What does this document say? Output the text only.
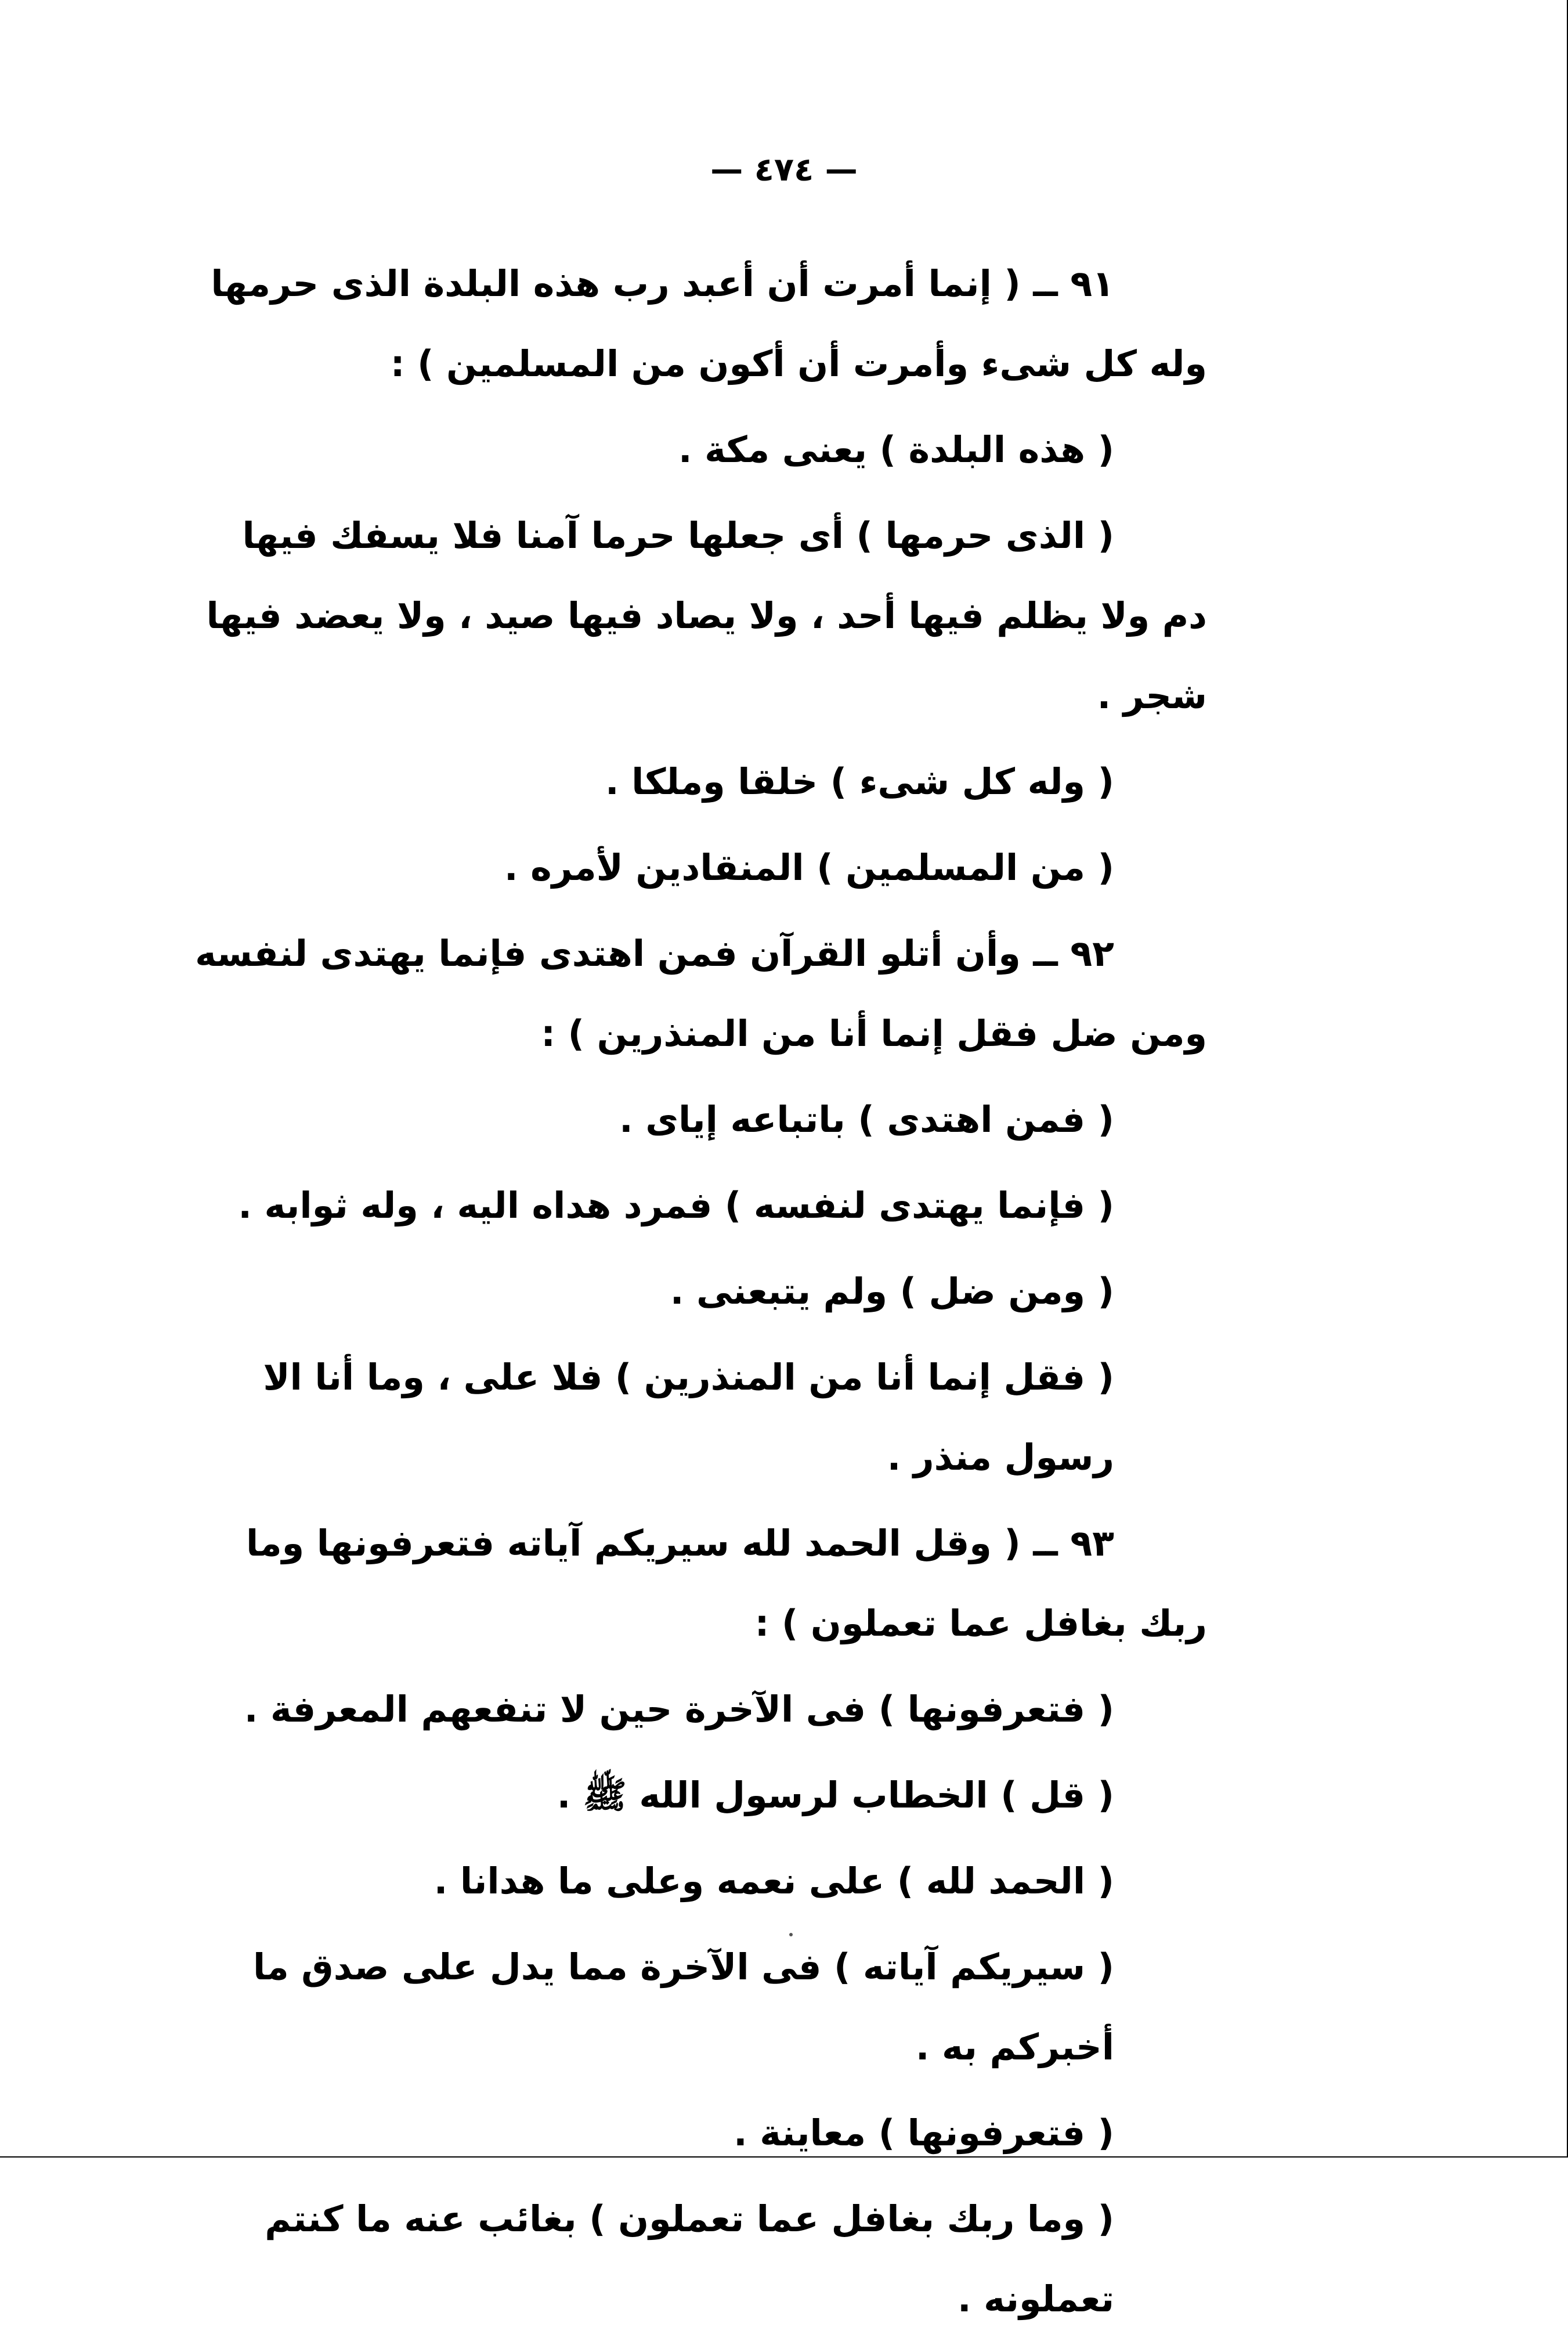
— ٤٧٤ —

٩١ ــ ( إنما أمرت أن أعبد رب هذه البلدة الذى حرمها وله كل شىء وأمرت أن أكون من المسلمين ) :

( هذه البلدة ) يعنى مكة .

( الذى حرمها ) أى جعلها حرما آمنا فلا يسفك فيها دم ولا يظلم فيها أحد ، ولا يصاد فيها صيد ، ولا يعضد فيها شجر .

( وله كل شىء ) خلقا وملكا .

( من المسلمين ) المنقادين لأمره .

٩٢ ــ وأن أتلو القرآن فمن اهتدى فإنما يهتدى لنفسه ومن ضل فقل إنما أنا من المنذرين ) :

( فمن اهتدى ) باتباعه إياى .

( فإنما يهتدى لنفسه ) فمرد هداه اليه ، وله ثوابه .

( ومن ضل ) ولم يتبعنى .

( فقل إنما أنا من المنذرين ) فلا على ، وما أنا الا رسول منذر .

٩٣ ــ ( وقل الحمد لله سيريكم آياته فتعرفونها وما ربك بغافل عما تعملون ) :

( فتعرفونها ) فى الآخرة حين لا تنفعهم المعرفة .

( قل ) الخطاب لرسول الله ﷺ .

( الحمد لله ) على نعمه وعلى ما هدانا .

( سيريكم آياته ) فى الآخرة مما يدل على صدق ما أخبركم به .

( فتعرفونها ) معاينة .

( وما ربك بغافل عما تعملون ) بغائب عنه ما كنتم تعملونه .
